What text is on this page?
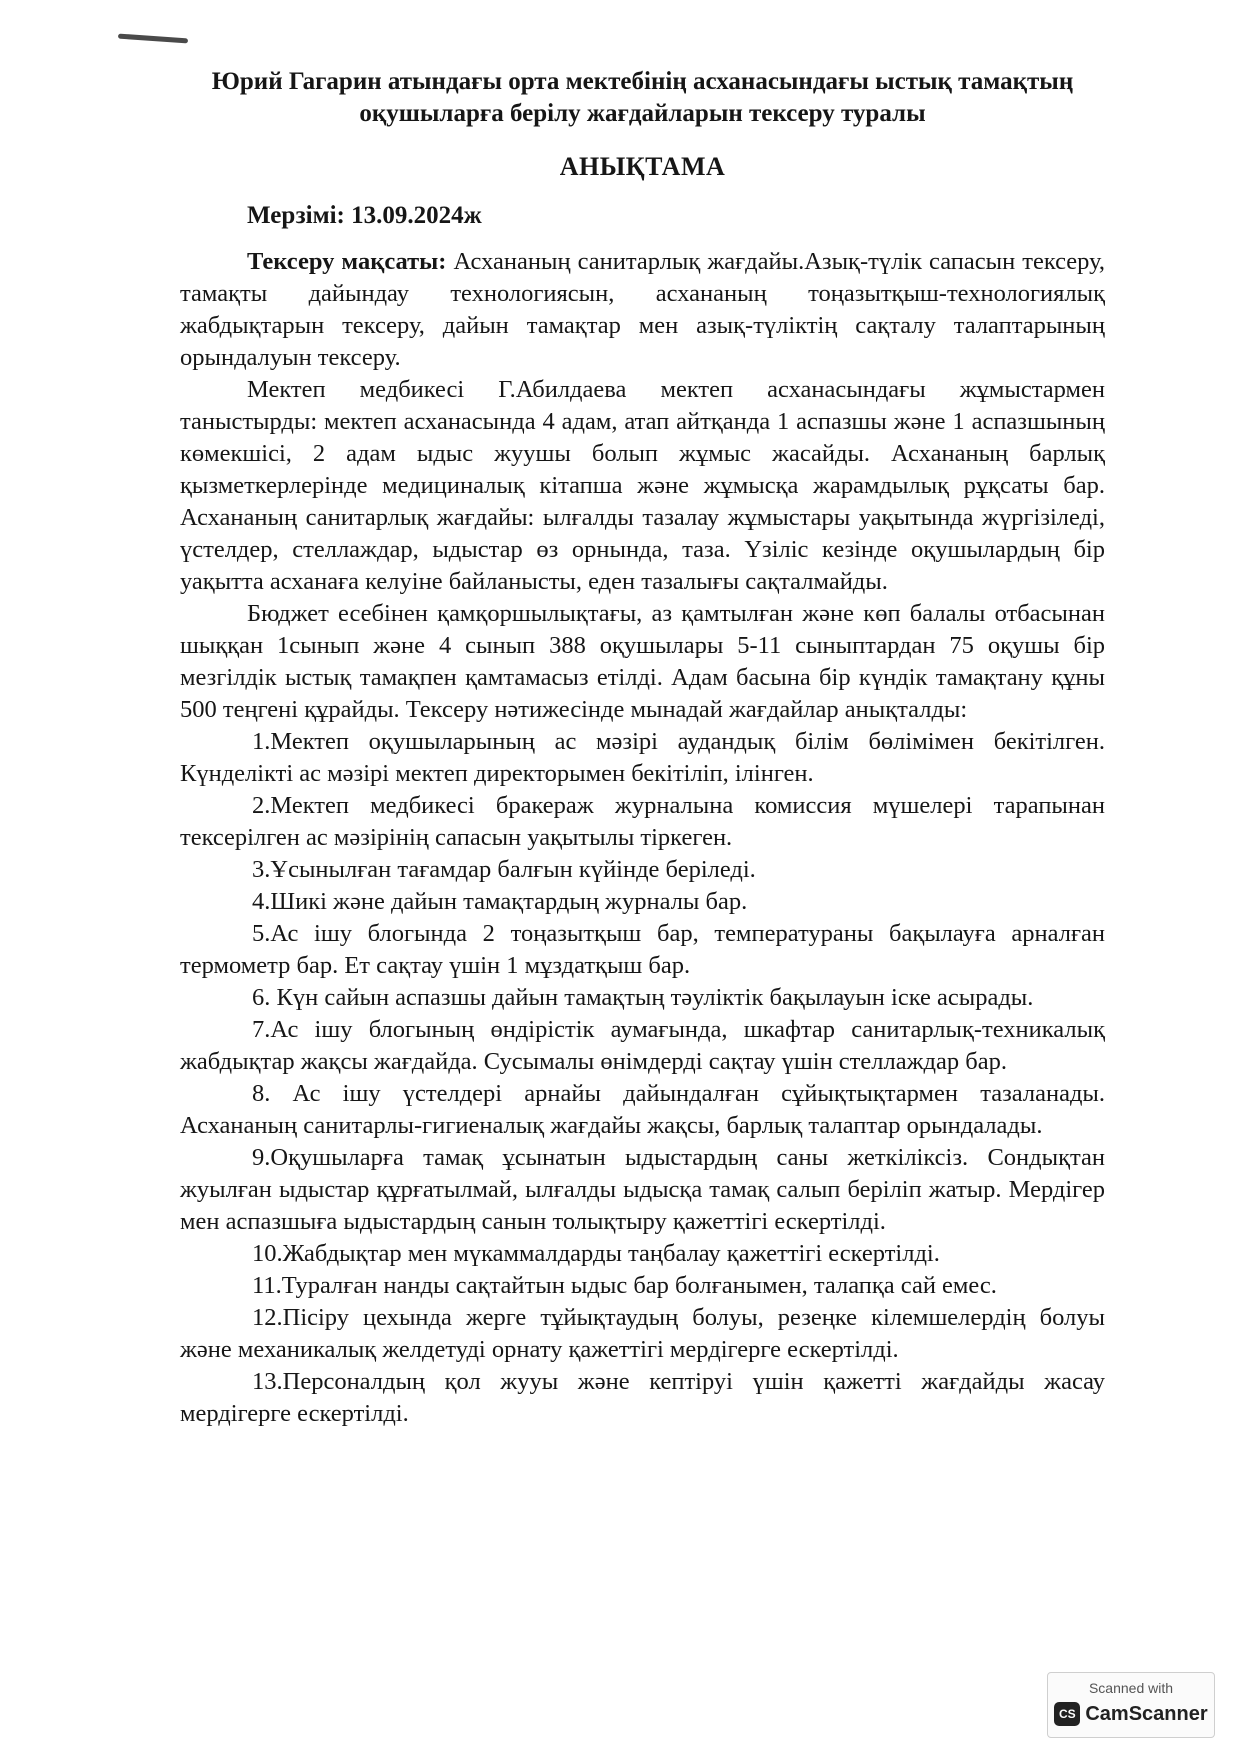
Юрий Гагарин атындағы орта мектебінің асханасындағы ыстық тамақтың
оқушыларға берілу жағдайларын тексеру туралы

АНЫҚТАМА
Мерзімі: 13.09.2024ж

Тексеру мақсаты: Асхананың санитарлық жағдайы.Азық-түлік сапасын тексеру, тамақты дайындау технологиясын, асхананың тоңазытқыш-технологиялық жабдықтарын тексеру, дайын тамақтар мен азық-түліктің сақталу талаптарының орындалуын тексеру.

Мектеп медбикесі Г.Абилдаева мектеп асханасындағы жұмыстармен таныстырды: мектеп асханасында 4 адам, атап айтқанда 1 аспазшы және 1 аспазшының көмекшісі, 2 адам ыдыс жуушы болып жұмыс жасайды. Асхананың барлық қызметкерлерінде медициналық кітапша және жұмысқа жарамдылық рұқсаты бар. Асхананың санитарлық жағдайы: ылғалды тазалау жұмыстары уақытында жүргізіледі, үстелдер, стеллаждар, ыдыстар өз орнында, таза. Үзіліс кезінде оқушылардың бір уақытта асханаға келуіне байланысты, еден тазалығы сақталмайды.

Бюджет есебінен қамқоршылықтағы, аз қамтылған және көп балалы отбасынан шыққан 1сынып және 4 сынып 388 оқушылары 5-11 сыныптардан 75 оқушы бір мезгілдік ыстық тамақпен қамтамасыз етілді. Адам басына бір күндік тамақтану құны 500 теңгені құрайды. Тексеру нәтижесінде мынадай жағдайлар анықталды:

1.Мектеп оқушыларының ас мәзірі аудандық білім бөлімімен бекітілген. Күнделікті ас мәзірі мектеп директорымен бекітіліп, ілінген.

2.Мектеп медбикесі бракераж журналына комиссия мүшелері тарапынан тексерілген ас мәзірінің сапасын уақытылы тіркеген.

3.Ұсынылған тағамдар балғын күйінде беріледі.

4.Шикі және дайын тамақтардың журналы бар.

5.Ас ішу блогында 2 тоңазытқыш бар, температураны бақылауға арналған термометр бар. Ет сақтау үшін 1 мұздатқыш бар.

6. Күн сайын аспазшы дайын тамақтың тәуліктік бақылауын іске асырады.

7.Ас ішу блогының өндірістік аумағында, шкафтар санитарлық-техникалық жабдықтар жақсы жағдайда. Сусымалы өнімдерді сақтау үшін стеллаждар бар.

8. Ас ішу үстелдері арнайы дайындалған сұйықтықтармен тазаланады. Асхананың санитарлы-гигиеналық жағдайы жақсы, барлық талаптар орындалады.

9.Оқушыларға тамақ ұсынатын ыдыстардың саны жеткіліксіз. Сондықтан жуылған ыдыстар құрғатылмай, ылғалды ыдысқа тамақ салып беріліп жатыр. Мердігер мен аспазшыға ыдыстардың санын толықтыру қажеттігі ескертілді.

10.Жабдықтар мен мүкаммалдарды таңбалау қажеттігі ескертілді.

11.Туралған нанды сақтайтын ыдыс бар болғанымен, талапқа сай емес.

12.Пісіру цехында жерге тұйықтаудың болуы, резеңке кілемшелердің болуы және механикалық желдетуді орнату қажеттігі мердігерге ескертілді.

13.Персоналдың қол жууы және кептіруі үшін қажетті жағдайды жасау мердігерге ескертілді.

Scanned with
CS CamScanner
